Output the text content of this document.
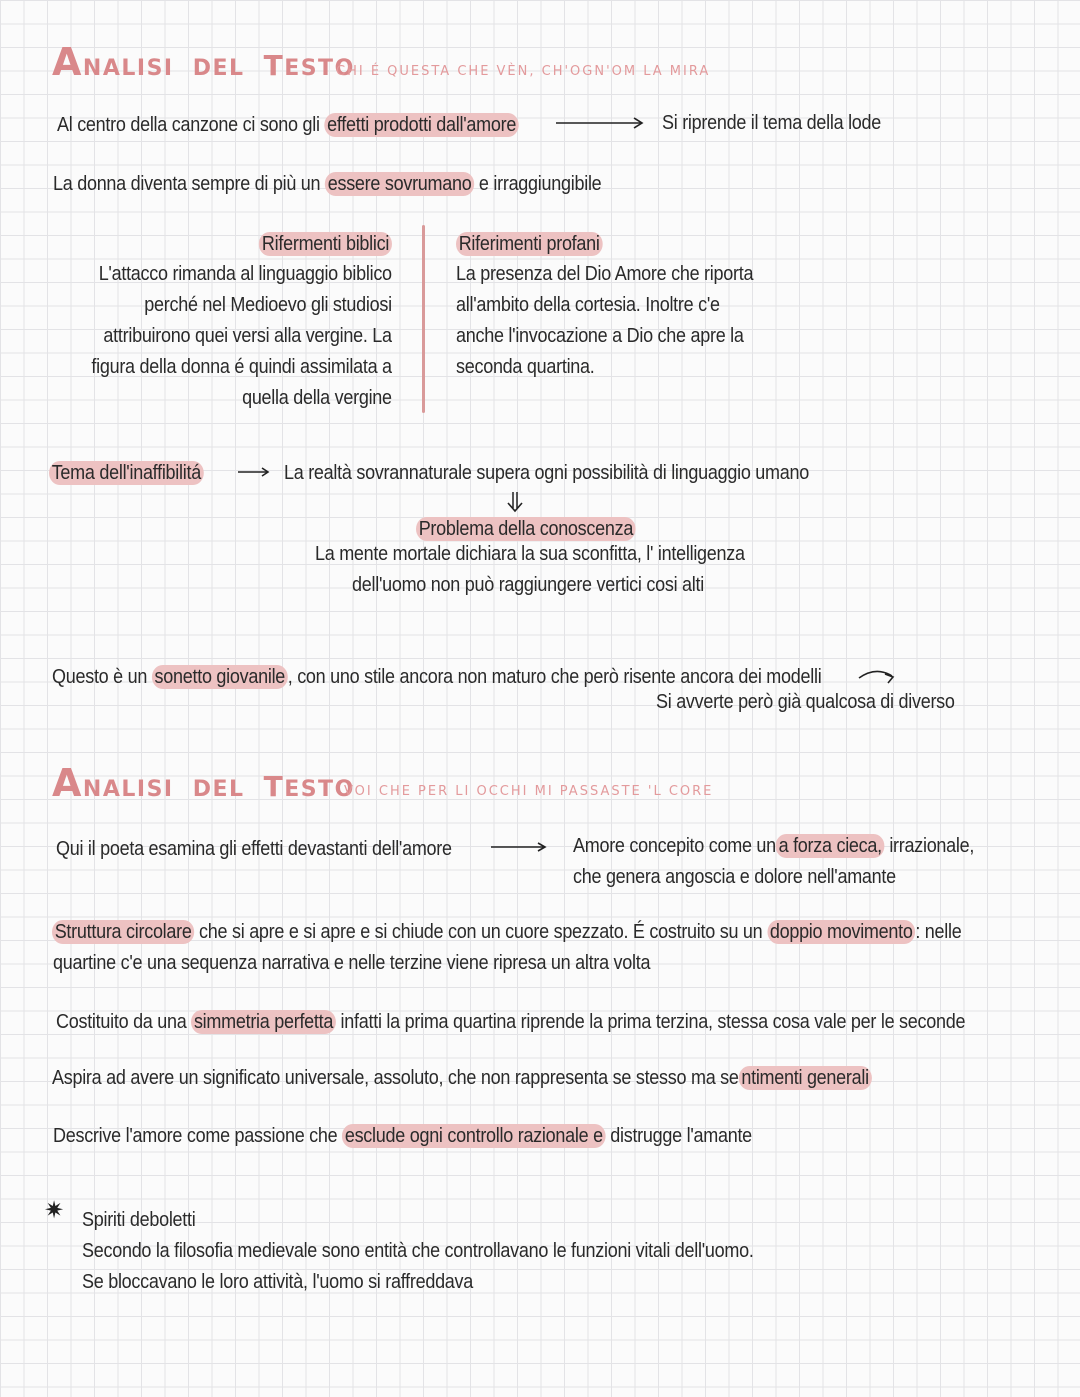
ANALISI DEL TESTO
CHI É QUESTA CHE VÈN, CH'OGN'OM LA MIRA
Al centro della canzone ci sono gli effetti prodotti dall'amore	Si riprende il tema della lode
La donna diventa sempre di più un essere sovrumano e irraggiungibile
Rifermenti biblici
L'attacco rimanda al linguaggio biblico
perché nel Medioevo gli studiosi
attribuirono quei versi alla vergine. La
figura della donna é quindi assimilata a
quella della vergine
Riferimenti profani
La presenza del Dio Amore che riporta
all'ambito della cortesia. Inoltre c'e
anche l'invocazione a Dio che apre la
seconda quartina.
Tema dell'inaffibilitá	La realtà sovrannaturale supera ogni possibilità di linguaggio umano
Problema della conoscenza
La mente mortale dichiara la sua sconfitta, l' intelligenza
dell'uomo non può raggiungere vertici cosi alti
Questo è un sonetto giovanile , con uno stile ancora non maturo che però risente ancora dei modelli
Si avverte però già qualcosa di diverso
ANALISI DEL TESTO
VOI CHE PER LI OCCHI MI PASSASTE 'L CORE
Qui il poeta esamina gli effetti devastanti dell'amore	Amore concepito come un a forza cieca, irrazionale,
che genera angoscia e dolore nell'amante
Struttura circolare che si apre e si apre e si chiude con un cuore spezzato. É costruito su un doppio movimento : nelle
quartine c'e una sequenza narrativa e nelle terzine viene ripresa un altra volta
Costituito da una simmetria perfetta infatti la prima quartina riprende la prima terzina, stessa cosa vale per le seconde
Aspira ad avere un significato universale, assoluto, che non rappresenta se stesso ma se ntimenti generali
Descrive l'amore come passione che esclude ogni controllo razionale e distrugge l'amante
✷ Spiriti deboletti
Secondo la filosofia medievale sono entità che controllavano le funzioni vitali dell'uomo.
Se bloccavano le loro attività, l'uomo si raffreddava
